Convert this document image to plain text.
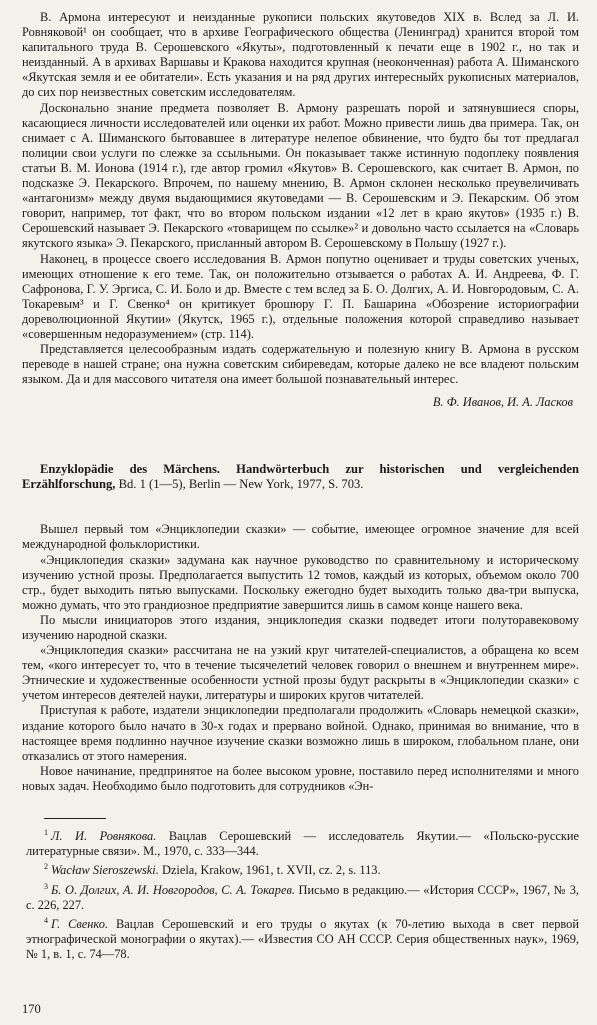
В. Армона интересуют и неизданные рукописи польских якутоведов XIX в. Вслед за Л. И. Ровняковой¹ он сообщает, что в архиве Географического общества (Ленинград) хранится второй том капитального труда В. Серошевского «Якуты», подготовленный к печати еще в 1902 г., но так и неизданный. А в архивах Варшавы и Кракова находится крупная (неоконченная) работа А. Шиманского «Якутская земля и ее обитатели». Есть указания и на ряд других интересныйх рукописных материалов, до сих пор неизвестных советским исследователям.

Досконально знание предмета позволяет В. Армону разрешать порой и затянувшиеся споры, касающиеся личности исследователей или оценки их работ. Можно привести лишь два примера. Так, он снимает с А. Шиманского бытовавшее в литературе нелепое обвинение, что будто бы тот предлагал полиции свои услуги по слежке за ссыльными. Он показывает также истинную подоплеку появления статьи В. М. Ионова (1914 г.), где автор громил «Якутов» В. Серошевского, как считает В. Армон, по подсказке Э. Пекарского. Впрочем, по нашему мнению, В. Армон склонен несколько преувеличивать «антагонизм» между двумя выдающимися якутоведами — В. Серошевским и Э. Пекарским. Об этом говорит, например, тот факт, что во втором польском издании «12 лет в краю якутов» (1935 г.) В. Серошевский называет Э. Пекарского «товарищем по ссылке»² и довольно часто ссылается на «Словарь якутского языка» Э. Пекарского, присланный автором В. Серошевскому в Польшу (1927 г.).

Наконец, в процессе своего исследования В. Армон попутно оценивает и труды советских ученых, имеющих отношение к его теме. Так, он положительно отзывается о работах А. И. Андреева, Ф. Г. Сафронова, Г. У. Эргиса, С. И. Боло и др. Вместе с тем вслед за Б. О. Долгих, А. И. Новгородовым, С. А. Токаревым³ и Г. Свенко⁴ он критикует брошюру Г. П. Башарина «Обозрение историографии дореволюционной Якутии» (Якутск, 1965 г.), отдельные положения которой справедливо называет «совершенным недоразумением» (стр. 114).

Представляется целесообразным издать содержательную и полезную книгу В. Армона в русском переводе в нашей стране; она нужна советским сибиреведам, которые далеко не все владеют польским языком. Да и для массового читателя она имеет большой познавательный интерес.

В. Ф. Иванов, И. А. Ласков

Enzyklopädie des Märchens. Handwörterbuch zur historischen und vergleichenden Erzählforschung, Bd. 1 (1—5), Berlin — New York, 1977, S. 703.

Вышел первый том «Энциклопедии сказки» — событие, имеющее огромное значение для всей международной фольклористики.

«Энциклопедия сказки» задумана как научное руководство по сравнительному и историческому изучению устной прозы. Предполагается выпустить 12 томов, каждый из которых, объемом около 700 стр., будет выходить пятью выпусками. Поскольку ежегодно будет выходить только два-три выпуска, можно думать, что это грандиозное предприятие завершится лишь в самом конце нашего века.

По мысли инициаторов этого издания, энциклопедия сказки подведет итоги полуторавековому изучению народной сказки.

«Энциклопедия сказки» рассчитана не на узкий круг читателей-специалистов, а обращена ко всем тем, «кого интересует то, что в течение тысячелетий человек говорил о внешнем и внутреннем мире». Этнические и художественные особенности устной прозы будут раскрыты в «Энциклопедии сказки» с учетом интересов деятелей науки, литературы и широких кругов читателей.

Приступая к работе, издатели энциклопедии предполагали продолжить «Словарь немецкой сказки», издание которого было начато в 30-х годах и прервано войной. Однако, принимая во внимание, что в настоящее время подлинно научное изучение сказки возможно лишь в широком, глобальном плане, они отказались от этого намерения.

Новое начинание, предпринятое на более высоком уровне, поставило перед исполнителями и много новых задач. Необходимо было подготовить для сотрудников «Эн-

$^1$ Л. И. Ровнякова. Вацлав Серошевский — исследователь Якутии.— «Польско-русские литературные связи». М., 1970, с. 333—344.

$^2$ Wacław Sieroszewski. Dziela, Krakow, 1961, t. XVII, cz. 2, s. 113.

$^3$ Б. О. Долгих, А. И. Новгородов, С. А. Токарев. Письмо в редакцию.— «История СССР», 1967, № 3, с. 226, 227.

$^4$ Г. Свенко. Вацлав Серошевский и его труды о якутах (к 70-летию выхода в свет первой этнографической монографии о якутах).— «Известия СО АН СССР. Серия общественных наук», 1969, № 1, в. 1, с. 74—78.

170
